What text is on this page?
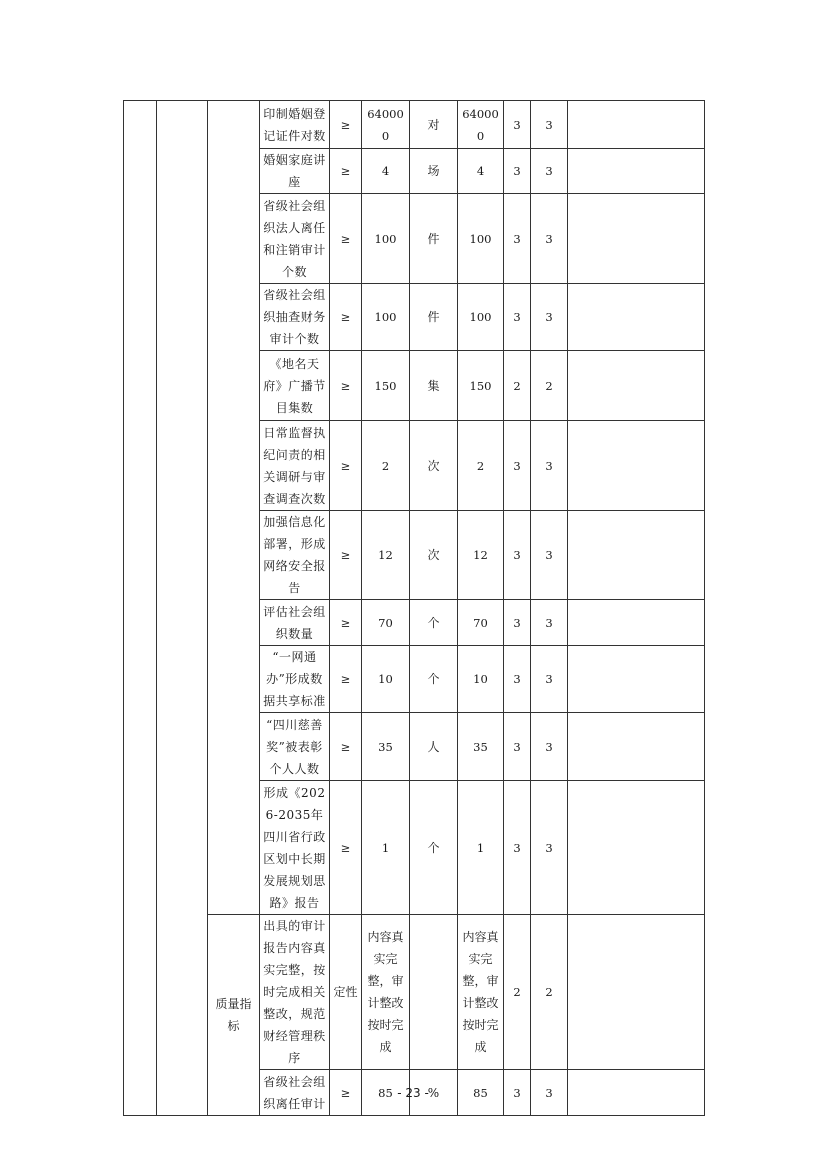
			印制婚姻登记证件对数	≥	640000	对	640000	3	3	
			婚姻家庭讲座	≥	4	场	4	3	3	
			省级社会组织法人离任和注销审计个数	≥	100	件	100	3	3	
			省级社会组织抽查财务审计个数	≥	100	件	100	3	3	
			《地名天府》广播节目集数	≥	150	集	150	2	2	
			日常监督执纪问责的相关调研与审查调查次数	≥	2	次	2	3	3	
			加强信息化部署，形成网络安全报告	≥	12	次	12	3	3	
			评估社会组织数量	≥	70	个	70	3	3	
			“一网通办”形成数据共享标准	≥	10	个	10	3	3	
			“四川慈善奖”被表彰个人人数	≥	35	人	35	3	3	
			形成《2026-2035年四川省行政区划中长期发展规划思路》报告	≥	1	个	1	3	3	
		质量指标	出具的审计报告内容真实完整，按时完成相关整改，规范财经管理秩序	定性	内容真实完整，审计整改按时完成		内容真实完整，审计整改按时完成	2	2	
			省级社会组织离任审计	≥	85	%	85	3	3	
- 23 -
